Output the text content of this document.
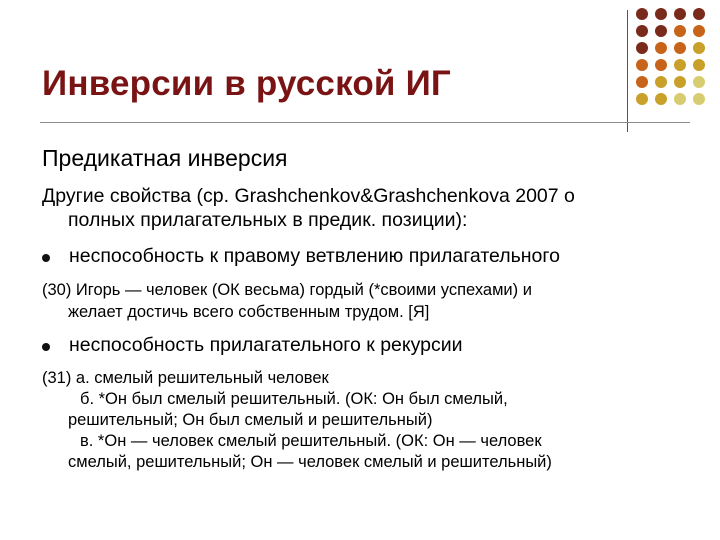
Инверсии в русской ИГ
Предикатная инверсия
Другие свойства (ср. Grashchenkov&Grashchenkova 2007 о
полных прилагательных в предик. позиции):
неспособность к правому ветвлению прилагательного
(30) Игорь — человек (ОК весьма) гордый (*своими успехами) и
желает достичь всего собственным трудом. [Я]
неспособность прилагательного к рекурсии
(31) а. смелый решительный человек
б. *Он был смелый решительный. (ОК: Он был смелый,
решительный; Он был смелый и решительный)
в. *Он — человек смелый решительный. (ОК: Он — человек
смелый, решительный; Он — человек смелый и решительный)
